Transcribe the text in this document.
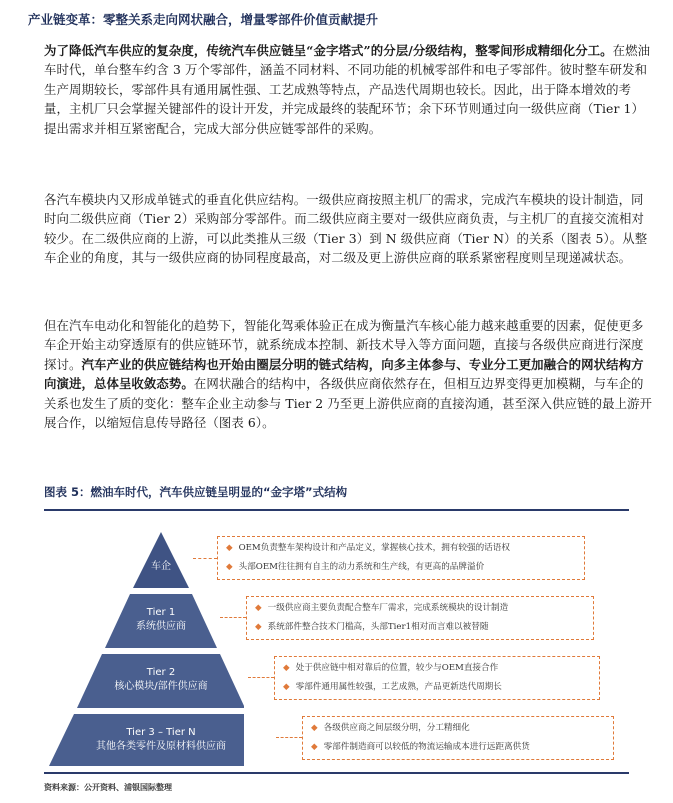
产业链变革：零整关系走向网状融合，增量零部件价值贡献提升
为了降低汽车供应的复杂度，传统汽车供应链呈“金字塔式”的分层/分级结构，整零间形成精细化分工。在燃油车时代，单台整车约含 3 万个零部件，涵盖不同材料、不同功能的机械零部件和电子零部件。彼时整车研发和生产周期较长，零部件具有通用属性强、工艺成熟等特点，产品迭代周期也较长。因此，出于降本增效的考量，主机厂只会掌握关键部件的设计开发，并完成最终的装配环节；余下环节则通过向一级供应商（Tier 1）提出需求并相互紧密配合，完成大部分供应链零部件的采购。
各汽车模块内又形成单链式的垂直化供应结构。一级供应商按照主机厂的需求，完成汽车模块的设计制造，同时向二级供应商（Tier 2）采购部分零部件。而二级供应商主要对一级供应商负责，与主机厂的直接交流相对较少。在二级供应商的上游，可以此类推从三级（Tier 3）到 N 级供应商（Tier N）的关系（图表 5）。从整车企业的角度，其与一级供应商的协同程度最高，对二级及更上游供应商的联系紧密程度则呈现递减状态。
但在汽车电动化和智能化的趋势下，智能化驾乘体验正在成为衡量汽车核心能力越来越重要的因素，促使更多车企开始主动穿透原有的供应链环节，就系统成本控制、新技术导入等方面问题，直接与各级供应商进行深度探讨。汽车产业的供应链结构也开始由圈层分明的链式结构，向多主体参与、专业分工更加融合的网状结构方向演进，总体呈收敛态势。在网状融合的结构中，各级供应商依然存在，但相互边界变得更加模糊，与车企的关系也发生了质的变化：整车企业主动参与 Tier 2 乃至更上游供应商的直接沟通，甚至深入供应链的最上游开展合作，以缩短信息传导路径（图表 6）。
图表 5：燃油车时代，汽车供应链呈明显的“金字塔”式结构
车企
Tier 1
系统供应商
Tier 2
核心模块/部件供应商
Tier 3 – Tier N
其他各类零件及原材料供应商
◆ OEM负责整车架构设计和产品定义，掌握核心技术，拥有较强的话语权
◆ 头部OEM往往拥有自主的动力系统和生产线，有更高的品牌溢价
◆ 一级供应商主要负责配合整车厂需求，完成系统模块的设计制造
◆ 系统部件整合技术门槛高，头部Tier1相对而言难以被替随
◆ 处于供应链中相对靠后的位置，较少与OEM直接合作
◆ 零部件通用属性较强，工艺成熟，产品更新迭代周期长
◆ 各级供应商之间层级分明，分工精细化
◆ 零部件制造商可以较低的物流运输成本进行远距离供货
资料来源：公开资料、浦银国际整理
